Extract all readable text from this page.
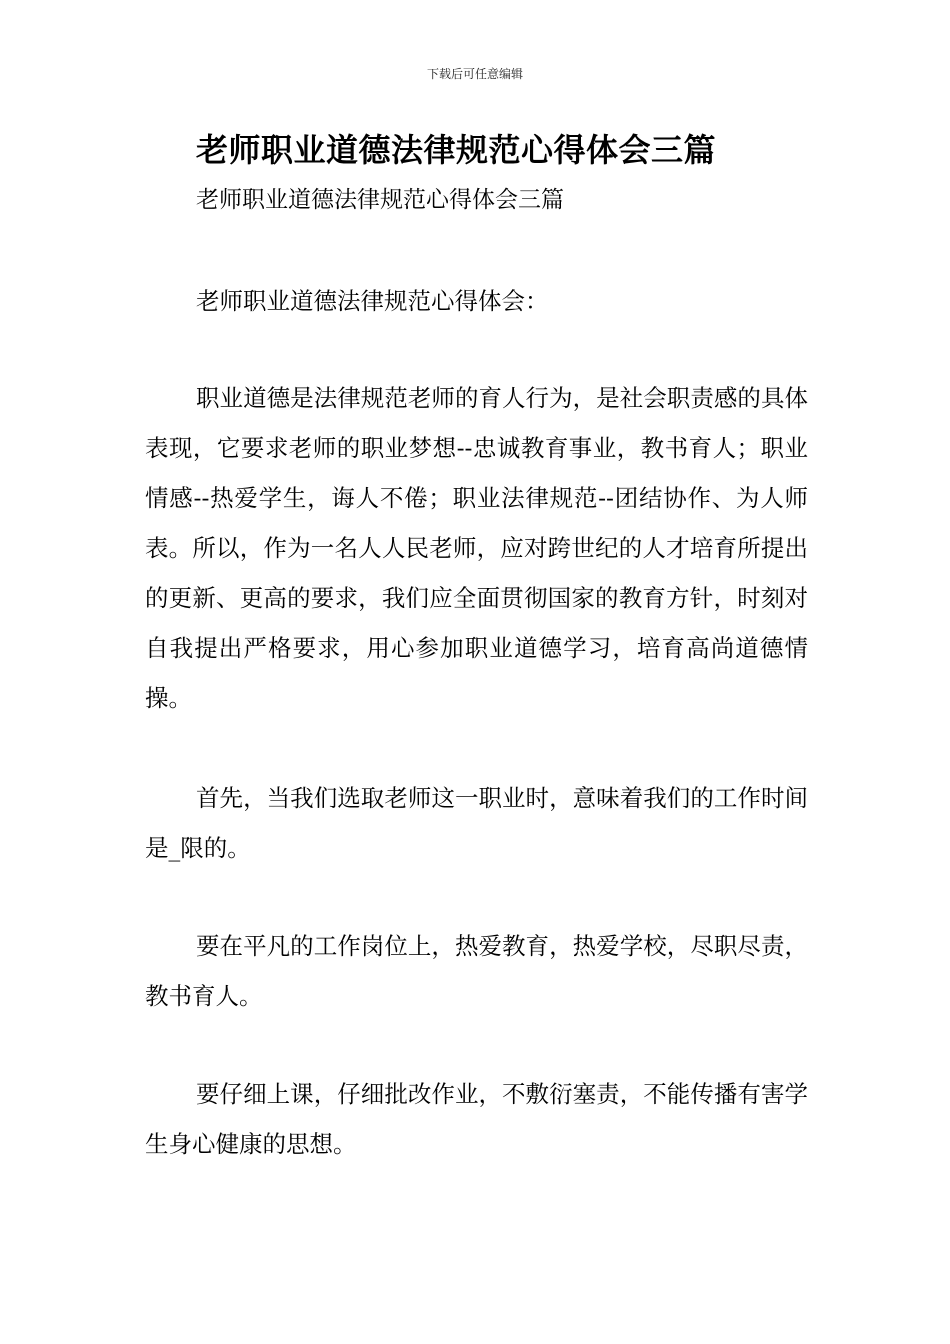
下载后可任意编辑
老师职业道德法律规范心得体会三篇
老师职业道德法律规范心得体会三篇

老师职业道德法律规范心得体会：

职业道德是法律规范老师的育人行为，是社会职责感的具体表现，它要求老师的职业梦想--忠诚教育事业，教书育人；职业情感--热爱学生，诲人不倦；职业法律规范--团结协作、为人师表。所以，作为一名人人民老师，应对跨世纪的人才培育所提出的更新、更高的要求，我们应全面贯彻国家的教育方针，时刻对自我提出严格要求，用心参加职业道德学习，培育高尚道德情操。

首先，当我们选取老师这一职业时，意味着我们的工作时间是_限的。

要在平凡的工作岗位上，热爱教育，热爱学校，尽职尽责，教书育人。

要仔细上课，仔细批改作业，不敷衍塞责，不能传播有害学生身心健康的思想。
